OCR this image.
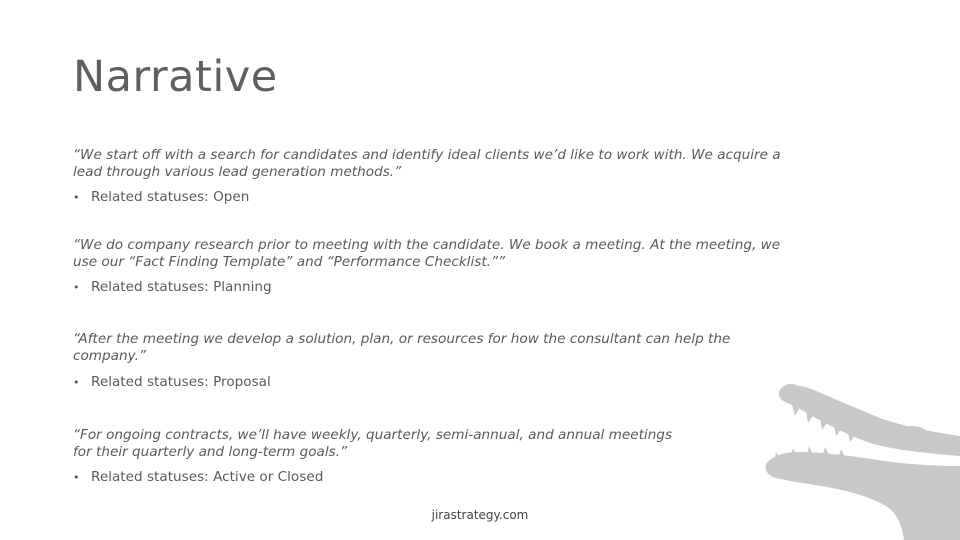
Narrative
“We start off with a search for candidates and identify ideal clients we’d like to work with. We acquire a
lead through various lead generation methods.”
• Related statuses: Open
“We do company research prior to meeting with the candidate. We book a meeting. At the meeting, we
use our “Fact Finding Template” and “Performance Checklist.””
• Related statuses: Planning
“After the meeting we develop a solution, plan, or resources for how the consultant can help the
company.”
• Related statuses: Proposal
“For ongoing contracts, we’ll have weekly, quarterly, semi-annual, and annual meetings
for their quarterly and long-term goals.”
• Related statuses: Active or Closed
jirastrategy.com
